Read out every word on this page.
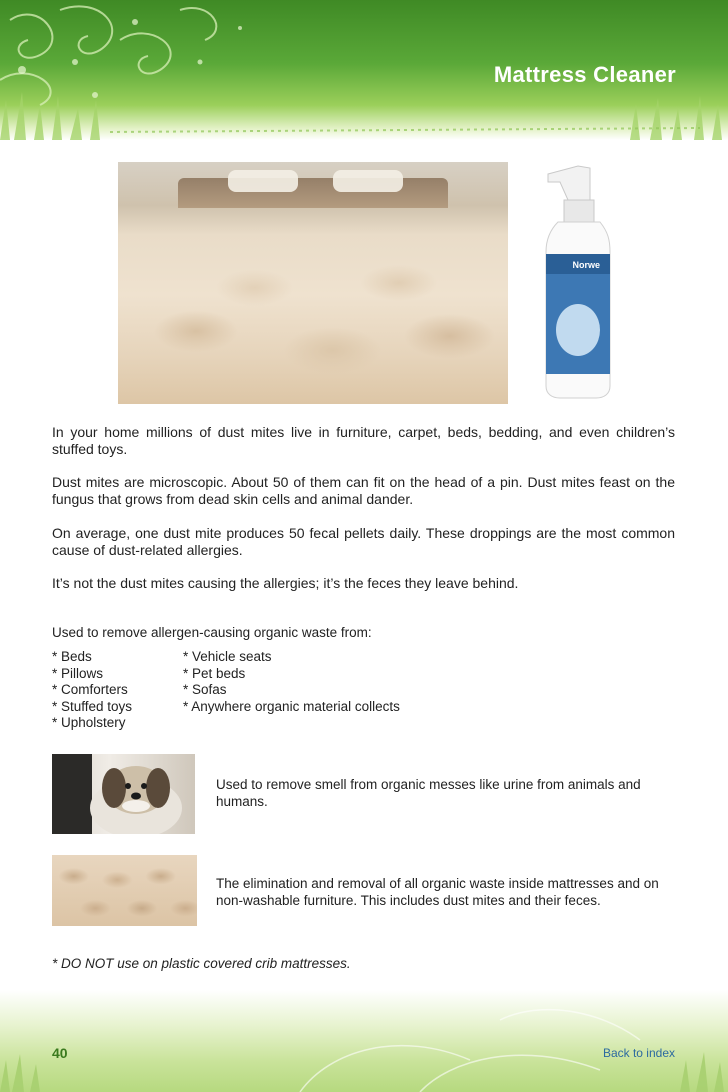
Mattress Cleaner
Norwe
In your home millions of dust mites live in furniture, carpet, beds, bedding, and even children’s stuffed toys.
Dust mites are microscopic. About 50 of them can fit on the head of a pin. Dust mites feast on the fungus that grows from dead skin cells and animal dander.
On average, one dust mite produces 50 fecal pellets daily. These droppings are the most common cause of dust-related allergies.
It’s not the dust mites causing the allergies; it’s the feces they leave behind.
Used to remove allergen-causing organic waste from:
* Beds
* Pillows
* Comforters
* Stuffed toys
* Upholstery
* Vehicle seats
* Pet beds
* Sofas
* Anywhere organic material collects
Used to remove smell from organic messes like urine from animals and humans.
The elimination and removal of all organic waste inside mattresses and on non-washable furniture. This includes dust mites and their feces.
* DO NOT use on plastic covered crib mattresses.
40	Back to index
